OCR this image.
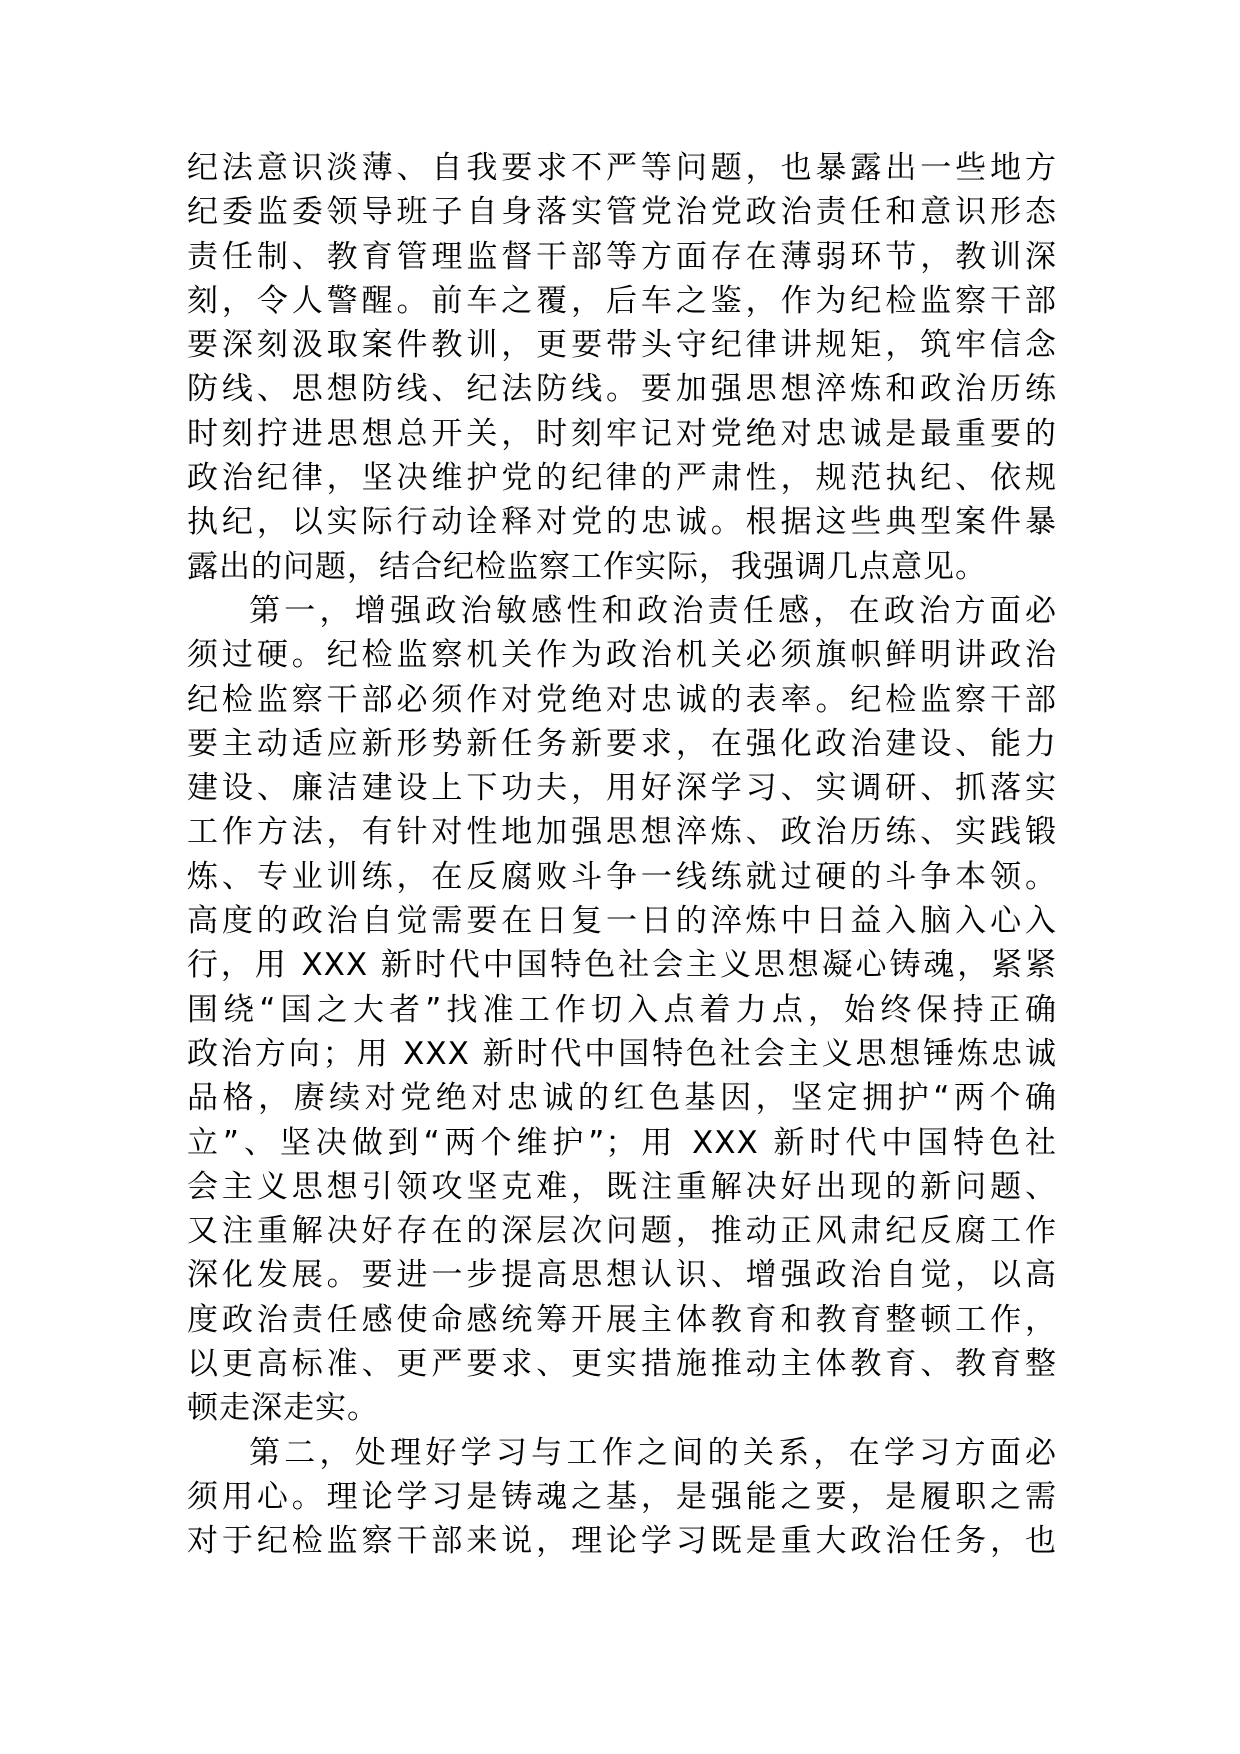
纪法意识淡薄、自我要求不严等问题，也暴露出一些地方
纪委监委领导班子自身落实管党治党政治责任和意识形态
责任制、教育管理监督干部等方面存在薄弱环节，教训深
刻，令人警醒。前车之覆，后车之鉴，作为纪检监察干部
要深刻汲取案件教训，更要带头守纪律讲规矩，筑牢信念
防线、思想防线、纪法防线。要加强思想淬炼和政治历练
时刻拧进思想总开关，时刻牢记对党绝对忠诚是最重要的
政治纪律，坚决维护党的纪律的严肃性，规范执纪、依规
执纪，以实际行动诠释对党的忠诚。根据这些典型案件暴
露出的问题，结合纪检监察工作实际，我强调几点意见。
第一，增强政治敏感性和政治责任感，在政治方面必
须过硬。纪检监察机关作为政治机关必须旗帜鲜明讲政治
纪检监察干部必须作对党绝对忠诚的表率。纪检监察干部
要主动适应新形势新任务新要求，在强化政治建设、能力
建设、廉洁建设上下功夫，用好深学习、实调研、抓落实
工作方法，有针对性地加强思想淬炼、政治历练、实践锻
炼、专业训练，在反腐败斗争一线练就过硬的斗争本领。
高度的政治自觉需要在日复一日的淬炼中日益入脑入心入
行，用 XXX 新时代中国特色社会主义思想凝心铸魂，紧紧
围绕“国之大者”找准工作切入点着力点，始终保持正确
政治方向；用 XXX 新时代中国特色社会主义思想锤炼忠诚
品格，赓续对党绝对忠诚的红色基因，坚定拥护“两个确
立”、坚决做到“两个维护”；用 XXX 新时代中国特色社
会主义思想引领攻坚克难，既注重解决好出现的新问题、
又注重解决好存在的深层次问题，推动正风肃纪反腐工作
深化发展。要进一步提高思想认识、增强政治自觉，以高
度政治责任感使命感统筹开展主体教育和教育整顿工作，
以更高标准、更严要求、更实措施推动主体教育、教育整
顿走深走实。
第二，处理好学习与工作之间的关系，在学习方面必
须用心。理论学习是铸魂之基，是强能之要，是履职之需
对于纪检监察干部来说，理论学习既是重大政治任务，也
